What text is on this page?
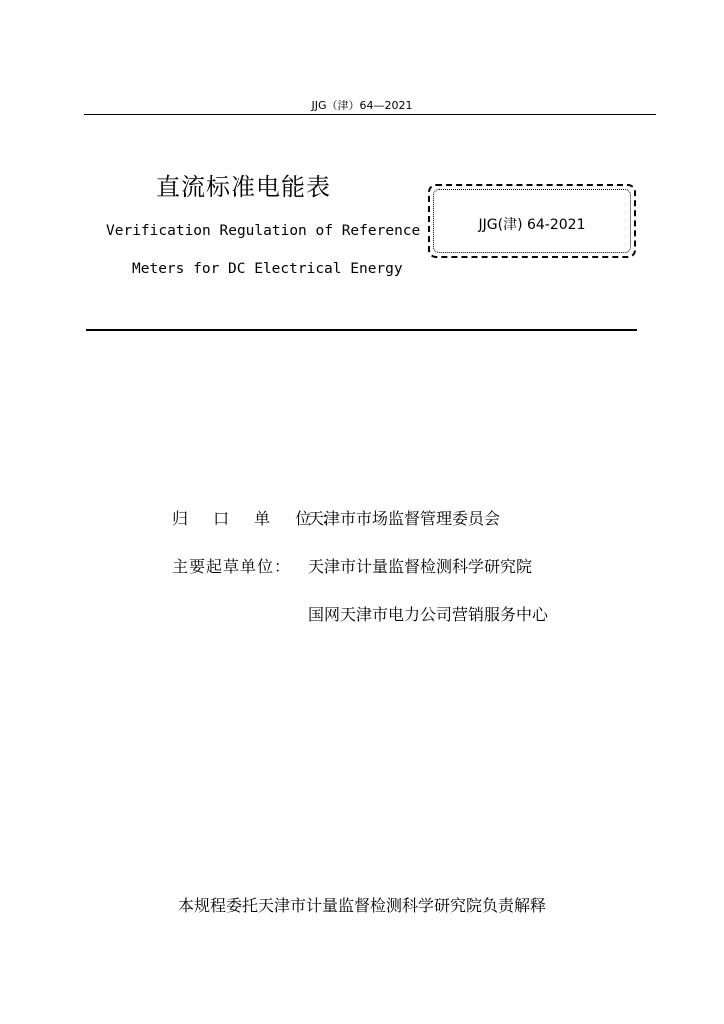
JJG（津）64—2021
直流标准电能表
Verification Regulation of Reference
Meters for DC Electrical Energy
JJG(津) 64-2021
归 口 单 位：
天津市市场监督管理委员会
主要起草单位： 天津市计量监督检测科学研究院
国网天津市电力公司营销服务中心
本规程委托天津市计量监督检测科学研究院负责解释
